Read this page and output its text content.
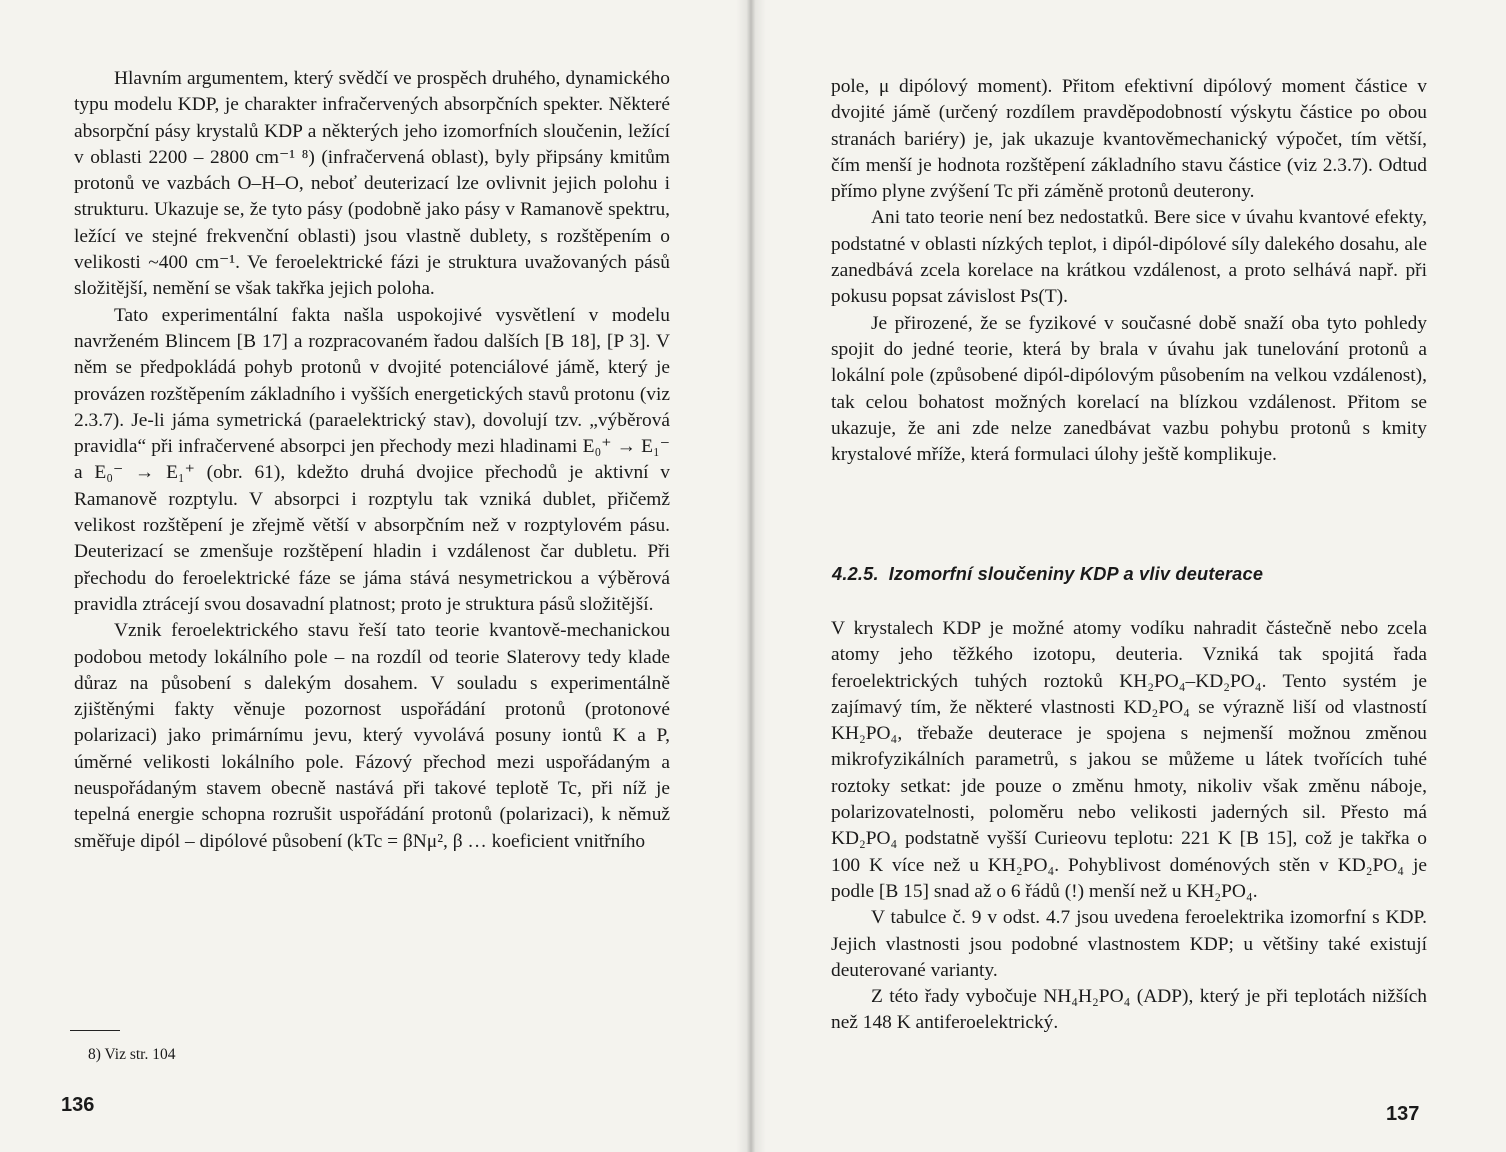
Hlavním argumentem, který svědčí ve prospěch druhého, dynamického typu modelu KDP, je charakter infračervených absorpčních spekter. Některé absorpční pásy krystalů KDP a některých jeho izomorfních sloučenin, ležící v oblasti 2200 – 2800 cm⁻¹ ⁸) (infračervená oblast), byly připsány kmitům protonů ve vazbách O–H–O, neboť deuterizací lze ovlivnit jejich polohu i strukturu. Ukazuje se, že tyto pásy (podobně jako pásy v Ramanově spektru, ležící ve stejné frekvenční oblasti) jsou vlastně dublety, s rozštěpením o velikosti ~400 cm⁻¹. Ve feroelektrické fázi je struktura uvažovaných pásů složitější, nemění se však takřka jejich poloha.

Tato experimentální fakta našla uspokojivé vysvětlení v modelu navrženém Blincem [B 17] a rozpracovaném řadou dalších [B 18], [P 3]. V něm se předpokládá pohyb protonů v dvojité potenciálové jámě, který je provázen rozštěpením základního i vyšších energetických stavů protonu (viz 2.3.7). Je-li jáma symetrická (paraelektrický stav), dovolují tzv. „výběrová pravidla“ při infračervené absorpci jen přechody mezi hladinami E₀⁺ → E₁⁻ a E₀⁻ → E₁⁺ (obr. 61), kdežto druhá dvojice přechodů je aktivní v Ramanově rozptylu. V absorpci i rozptylu tak vzniká dublet, přičemž velikost rozštěpení je zřejmě větší v absorpčním než v rozptylovém pásu. Deuterizací se zmenšuje rozštěpení hladin i vzdálenost čar dubletu. Při přechodu do feroelektrické fáze se jáma stává nesymetrickou a výběrová pravidla ztrácejí svou dosavadní platnost; proto je struktura pásů složitější.

Vznik feroelektrického stavu řeší tato teorie kvantově-mechanickou podobou metody lokálního pole – na rozdíl od teorie Slaterovy tedy klade důraz na působení s dalekým dosahem. V souladu s experimentálně zjištěnými fakty věnuje pozornost uspořádání protonů (protonové polarizaci) jako primárnímu jevu, který vyvolává posuny iontů K a P, úměrné velikosti lokálního pole. Fázový přechod mezi uspořádaným a neuspořádaným stavem obecně nastává při takové teplotě Tc, při níž je tepelná energie schopna rozrušit uspořádání protonů (polarizaci), k němuž směřuje dipól – dipólové působení (kTc = βNμ², β … koeficient vnitřního

8) Viz str. 104
136

pole, μ dipólový moment). Přitom efektivní dipólový moment částice v dvojité jámě (určený rozdílem pravděpodobností výskytu částice po obou stranách bariéry) je, jak ukazuje kvantověmechanický výpočet, tím větší, čím menší je hodnota rozštěpení základního stavu částice (viz 2.3.7). Odtud přímo plyne zvýšení Tc při záměně protonů deuterony.

Ani tato teorie není bez nedostatků. Bere sice v úvahu kvantové efekty, podstatné v oblasti nízkých teplot, i dipól-dipólové síly dalekého dosahu, ale zanedbává zcela korelace na krátkou vzdálenost, a proto selhává např. při pokusu popsat závislost Ps(T).

Je přirozené, že se fyzikové v současné době snaží oba tyto pohledy spojit do jedné teorie, která by brala v úvahu jak tunelování protonů a lokální pole (způsobené dipól-dipólovým působením na velkou vzdálenost), tak celou bohatost možných korelací na blízkou vzdálenost. Přitom se ukazuje, že ani zde nelze zanedbávat vazbu pohybu protonů s kmity krystalové mříže, která formulaci úlohy ještě komplikuje.

4.2.5. Izomorfní sloučeniny KDP a vliv deuterace

V krystalech KDP je možné atomy vodíku nahradit částečně nebo zcela atomy jeho těžkého izotopu, deuteria. Vzniká tak spojitá řada feroelektrických tuhých roztoků KH₂PO₄–KD₂PO₄. Tento systém je zajímavý tím, že některé vlastnosti KD₂PO₄ se výrazně liší od vlastností KH₂PO₄, třebaže deuterace je spojena s nejmenší možnou změnou mikrofyzikálních parametrů, s jakou se můžeme u látek tvořících tuhé roztoky setkat: jde pouze o změnu hmoty, nikoliv však změnu náboje, polarizovatelnosti, poloměru nebo velikosti jaderných sil. Přesto má KD₂PO₄ podstatně vyšší Curieovu teplotu: 221 K [B 15], což je takřka o 100 K více než u KH₂PO₄. Pohyblivost doménových stěn v KD₂PO₄ je podle [B 15] snad až o 6 řádů (!) menší než u KH₂PO₄.

V tabulce č. 9 v odst. 4.7 jsou uvedena feroelektrika izomorfní s KDP. Jejich vlastnosti jsou podobné vlastnostem KDP; u většiny také existují deuterované varianty.

Z této řady vybočuje NH₄H₂PO₄ (ADP), který je při teplotách nižších než 148 K antiferoelektrický.

137
